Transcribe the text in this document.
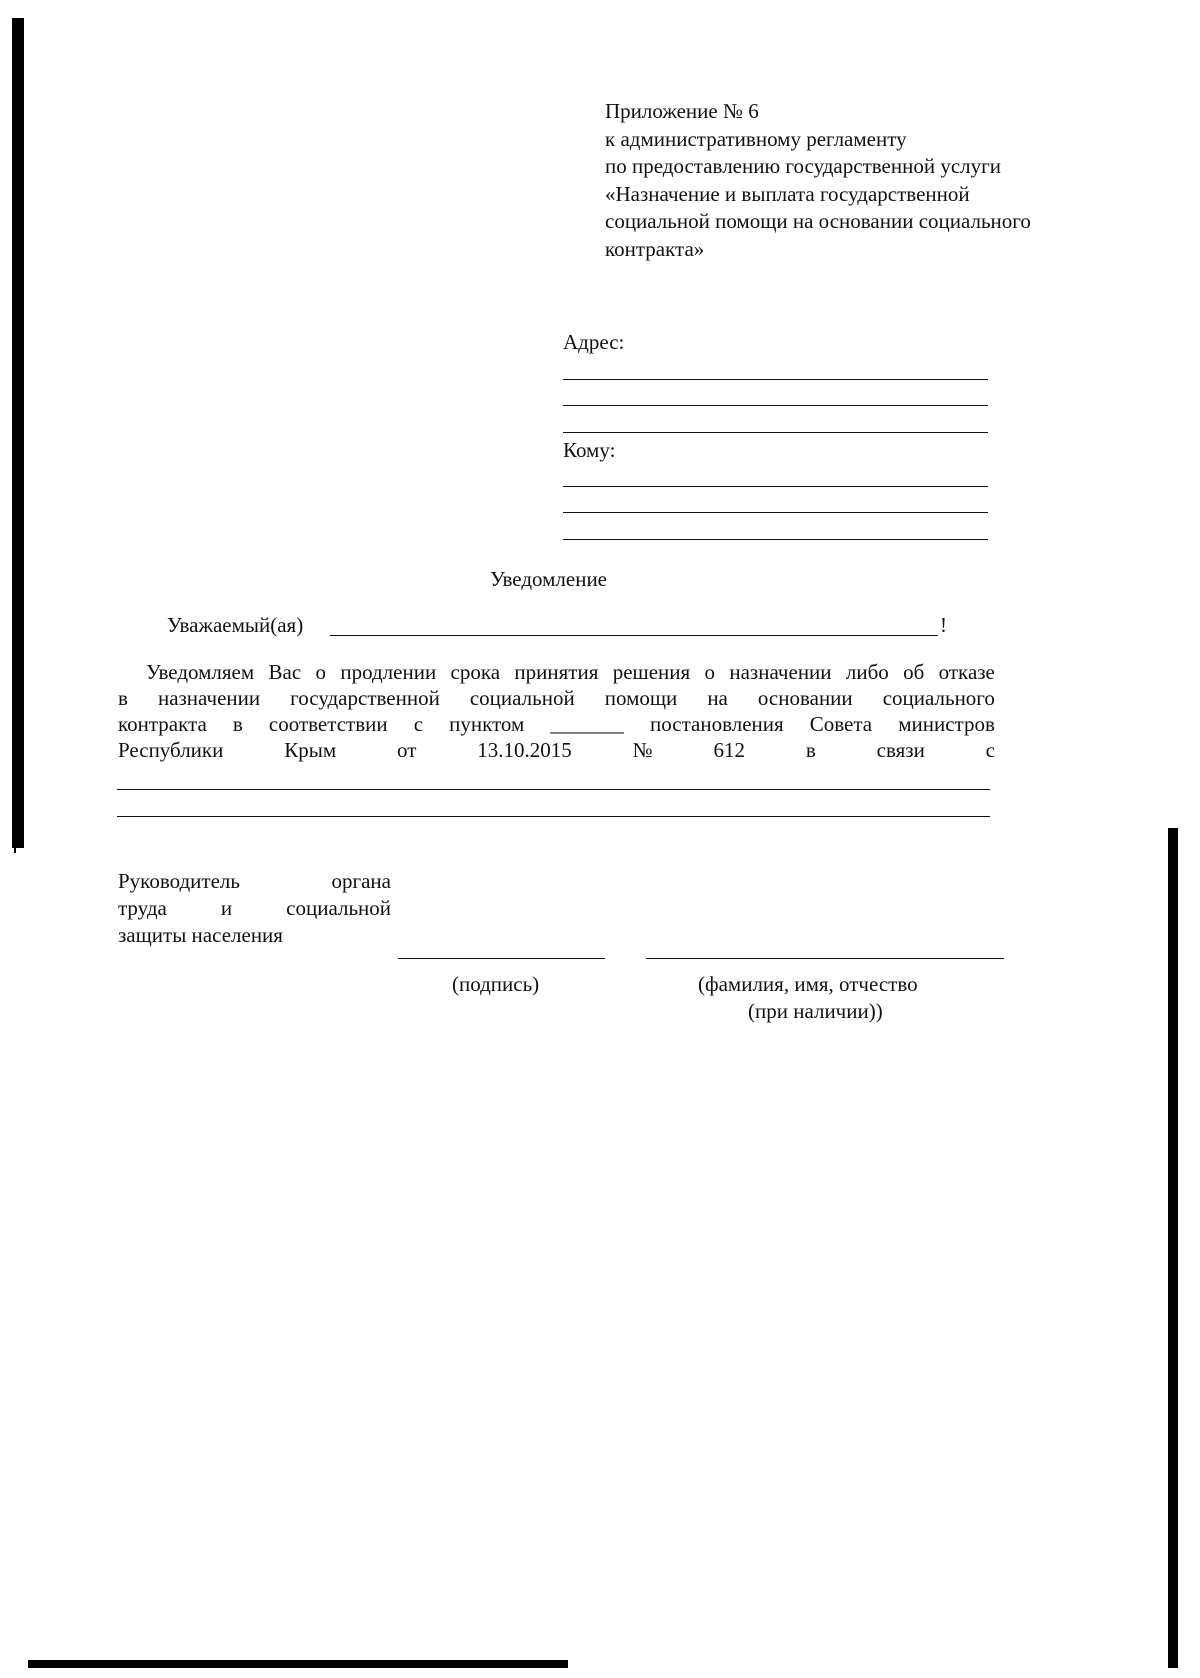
Приложение № 6
к административному регламенту
по предоставлению государственной услуги
«Назначение и выплата государственной
социальной помощи на основании социального
контракта»
Адрес:
Кому:
Уведомление
Уважаемый(ая)	!
Уведомляем Вас о продлении срока принятия решения о назначении либо об отказе
в назначении государственной социальной помощи на основании социального
контракта в соответствии с пунктом _______ постановления Совета министров
Республики	Крым	от	13.10.2015	№	612	в	связи	с
Руководитель	органа
труда	и	социальной
защиты населения
(подпись)	(фамилия, имя, отчество
(при наличии))
